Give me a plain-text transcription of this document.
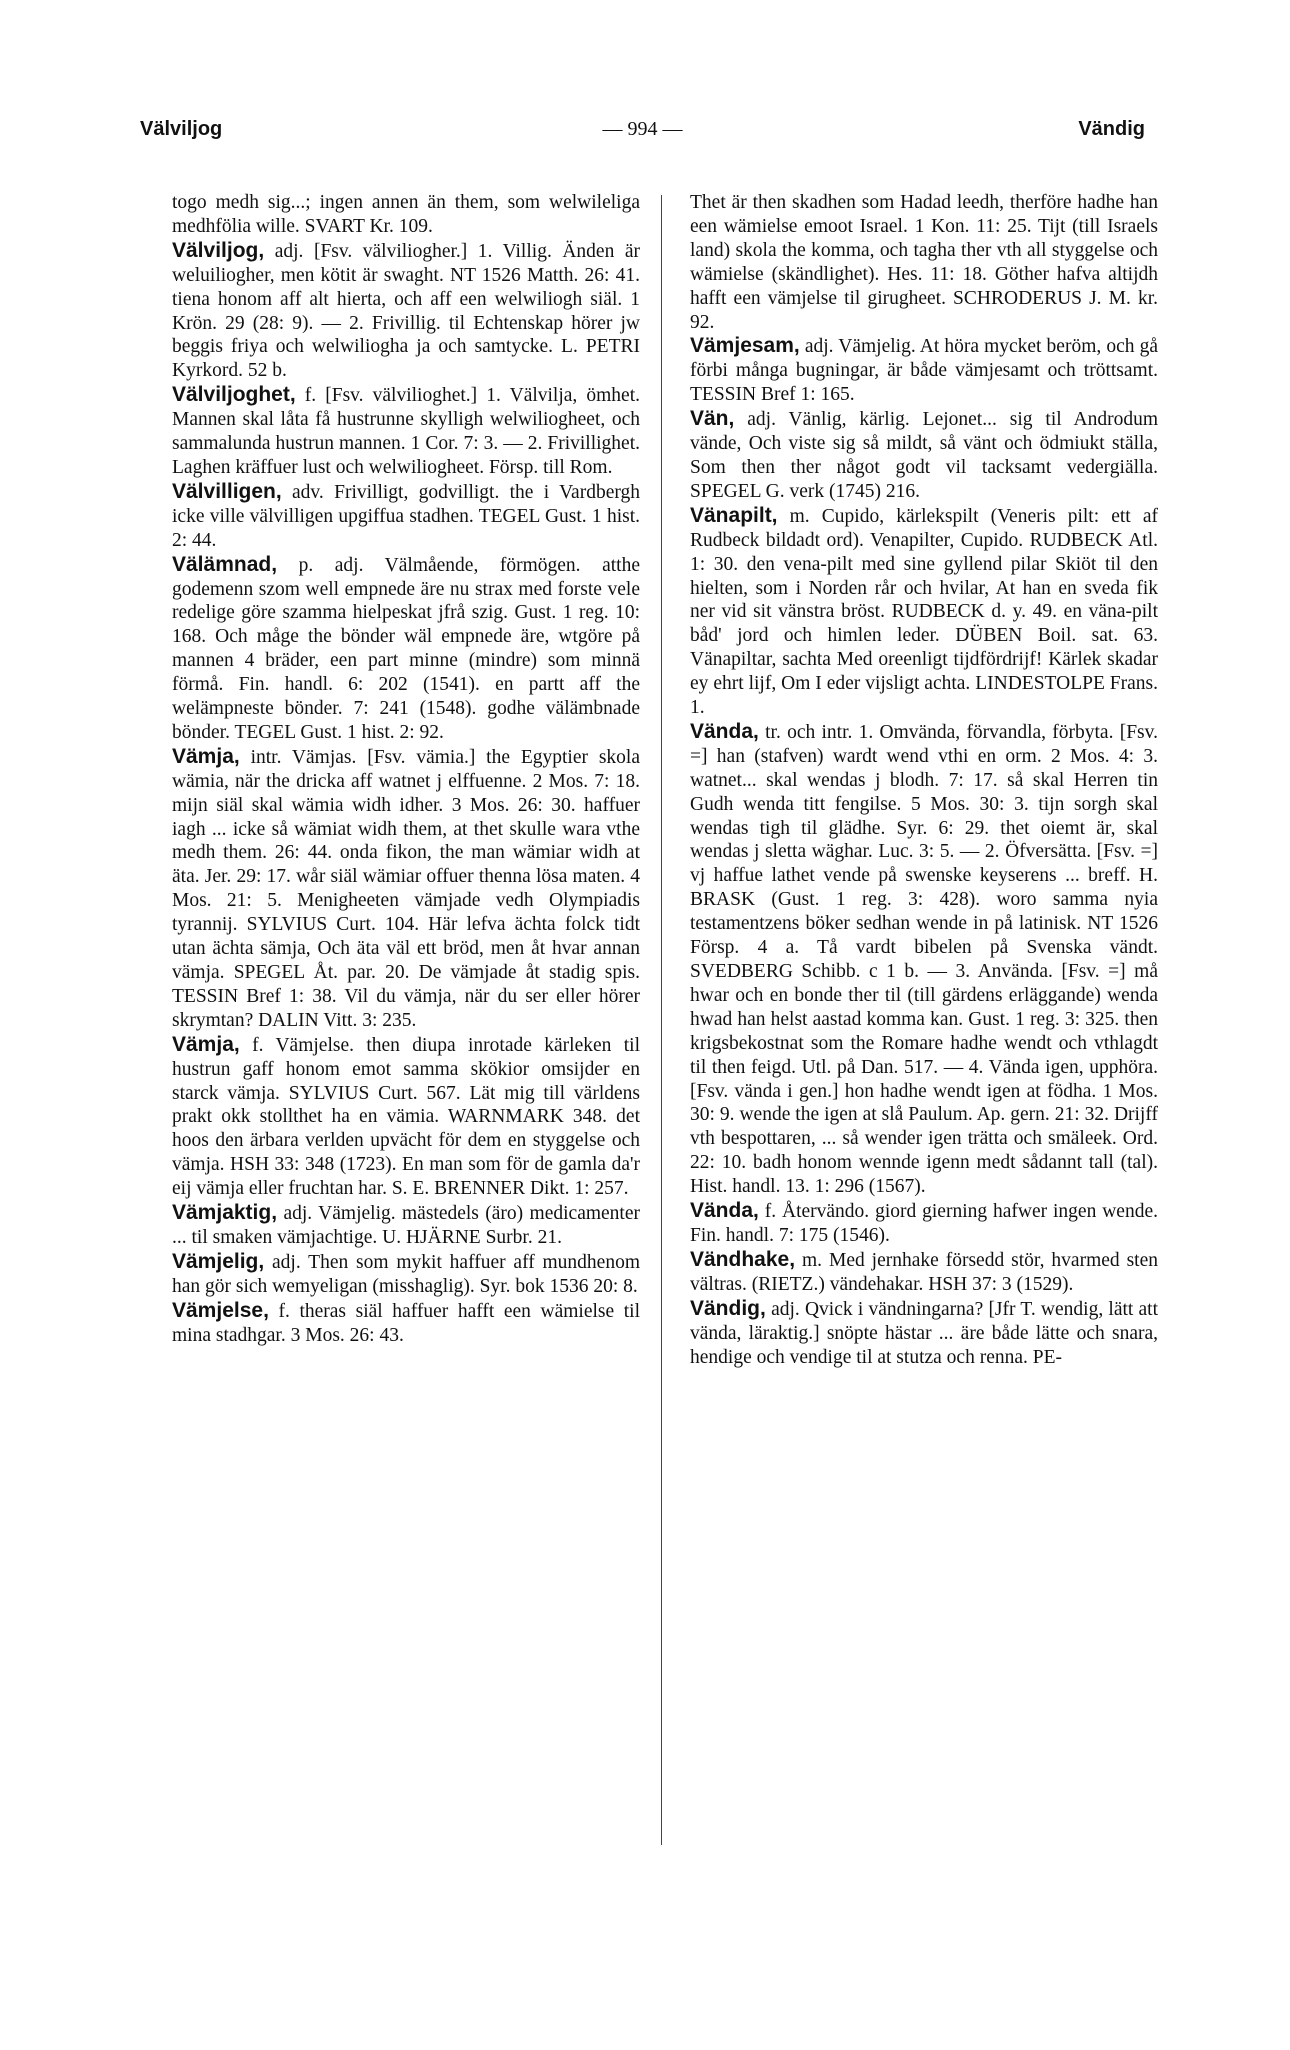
Välviljog	— 994 —	Vändig

togo medh sig...; ingen annen än them, som welwileliga medhfölia wille. SVART Kr. 109.

Välviljog, adj. [Fsv. välviliogher.] 1. Villig. Änden är weluiliogher, men kötit är swaght. NT 1526 Matth. 26: 41. tiena honom aff alt hierta, och aff een welwiliogh siäl. 1 Krön. 29 (28: 9). — 2. Frivillig. til Echtenskap hörer jw beggis friya och welwiliogha ja och samtycke. L. PETRI Kyrkord. 52 b.

Välviljoghet, f. [Fsv. välvilioghet.] 1. Välvilja, ömhet. Mannen skal låta få hustrunne skylligh welwiliogheet, och sammalunda hustrun mannen. 1 Cor. 7: 3. — 2. Frivillighet. Laghen kräffuer lust och welwiliogheet. Försp. till Rom.

Välvilligen, adv. Frivilligt, godvilligt. the i Vardbergh icke ville välvilligen upgiffua stadhen. TEGEL Gust. 1 hist. 2: 44.

Välämnad, p. adj. Välmående, förmögen. atthe godemenn szom well empnede äre nu strax med forste vele redelige göre szamma hielpeskat jfrå szig. Gust. 1 reg. 10: 168. Och måge the bönder wäl empnede äre, wtgöre på mannen 4 bräder, een part minne (mindre) som minnä förmå. Fin. handl. 6: 202 (1541). en partt aff the welämpneste bönder. 7: 241 (1548). godhe välämbnade bönder. TEGEL Gust. 1 hist. 2: 92.

Vämja, intr. Vämjas. [Fsv. vämia.] the Egyptier skola wämia, när the dricka aff watnet j elffuenne. 2 Mos. 7: 18. mijn siäl skal wämia widh idher. 3 Mos. 26: 30. haffuer iagh ... icke så wämiat widh them, at thet skulle wara vthe medh them. 26: 44. onda fikon, the man wämiar widh at äta. Jer. 29: 17. wår siäl wämiar offuer thenna lösa maten. 4 Mos. 21: 5. Menigheeten vämjade vedh Olympiadis tyrannij. SYLVIUS Curt. 104. Här lefva ächta folck tidt utan ächta sämja, Och äta väl ett bröd, men åt hvar annan vämja. SPEGEL Åt. par. 20. De vämjade åt stadig spis. TESSIN Bref 1: 38. Vil du vämja, när du ser eller hörer skrymtan? DALIN Vitt. 3: 235.

Vämja, f. Vämjelse. then diupa inrotade kärleken til hustrun gaff honom emot samma skökior omsijder en starck vämja. SYLVIUS Curt. 567. Lät mig till världens prakt okk stollthet ha en vämia. WARNMARK 348. det hoos den ärbara verlden upvächt för dem en styggelse och vämja. HSH 33: 348 (1723). En man som för de gamla da'r eij vämja eller fruchtan har. S. E. BRENNER Dikt. 1: 257.

Vämjaktig, adj. Vämjelig. mästedels (äro) medicamenter ... til smaken vämjachtige. U. HJÄRNE Surbr. 21.

Vämjelig, adj. Then som mykit haffuer aff mundhenom han gör sich wemyeligan (misshaglig). Syr. bok 1536 20: 8.

Vämjelse, f. theras siäl haffuer hafft een wämielse til mina stadhgar. 3 Mos. 26: 43.

Thet är then skadhen som Hadad leedh, therföre hadhe han een wämielse emoot Israel. 1 Kon. 11: 25. Tijt (till Israels land) skola the komma, och tagha ther vth all styggelse och wämielse (skändlighet). Hes. 11: 18. Göther hafva altijdh hafft een vämjelse til girugheet. SCHRODERUS J. M. kr. 92.

Vämjesam, adj. Vämjelig. At höra mycket beröm, och gå förbi många bugningar, är både vämjesamt och tröttsamt. TESSIN Bref 1: 165.

Vän, adj. Vänlig, kärlig. Lejonet... sig til Androdum vände, Och viste sig så mildt, så vänt och ödmiukt ställa, Som then ther något godt vil tacksamt vedergiälla. SPEGEL G. verk (1745) 216.

Vänapilt, m. Cupido, kärlekspilt (Veneris pilt: ett af Rudbeck bildadt ord). Venapilter, Cupido. RUDBECK Atl. 1: 30. den vena-pilt med sine gyllend pilar Skiöt til den hielten, som i Norden rår och hvilar, At han en sveda fik ner vid sit vänstra bröst. RUDBECK d. y. 49. en väna-pilt båd' jord och himlen leder. DÜBEN Boil. sat. 63. Vänapiltar, sachta Med oreenligt tijdfördrijf! Kärlek skadar ey ehrt lijf, Om I eder vijsligt achta. LINDESTOLPE Frans. 1.

Vända, tr. och intr. 1. Omvända, förvandla, förbyta. [Fsv. =] han (stafven) wardt wend vthi en orm. 2 Mos. 4: 3. watnet... skal wendas j blodh. 7: 17. så skal Herren tin Gudh wenda titt fengilse. 5 Mos. 30: 3. tijn sorgh skal wendas tigh til glädhe. Syr. 6: 29. thet oiemt är, skal wendas j sletta wäghar. Luc. 3: 5. — 2. Öfversätta. [Fsv. =] vj haffue lathet vende på swenske keyserens ... breff. H. BRASK (Gust. 1 reg. 3: 428). woro samma nyia testamentzens böker sedhan wende in på latinisk. NT 1526 Försp. 4 a. Tå vardt bibelen på Svenska vändt. SVEDBERG Schibb. c 1 b. — 3. Använda. [Fsv. =] må hwar och en bonde ther til (till gärdens erläggande) wenda hwad han helst aastad komma kan. Gust. 1 reg. 3: 325. then krigsbekostnat som the Romare hadhe wendt och vthlagdt til then feigd. Utl. på Dan. 517. — 4. Vända igen, upphöra. [Fsv. vända i gen.] hon hadhe wendt igen at födha. 1 Mos. 30: 9. wende the igen at slå Paulum. Ap. gern. 21: 32. Drijff vth bespottaren, ... så wender igen trätta och smäleek. Ord. 22: 10. badh honom wennde igenn medt sådannt tall (tal). Hist. handl. 13. 1: 296 (1567).

Vända, f. Återvändo. giord gierning hafwer ingen wende. Fin. handl. 7: 175 (1546).

Vändhake, m. Med jernhake försedd stör, hvarmed sten vältras. (RIETZ.) vändehakar. HSH 37: 3 (1529).

Vändig, adj. Qvick i vändningarna? [Jfr T. wendig, lätt att vända, läraktig.] snöpte hästar ... äre både lätte och snara, hendige och vendige til at stutza och renna. PE-
